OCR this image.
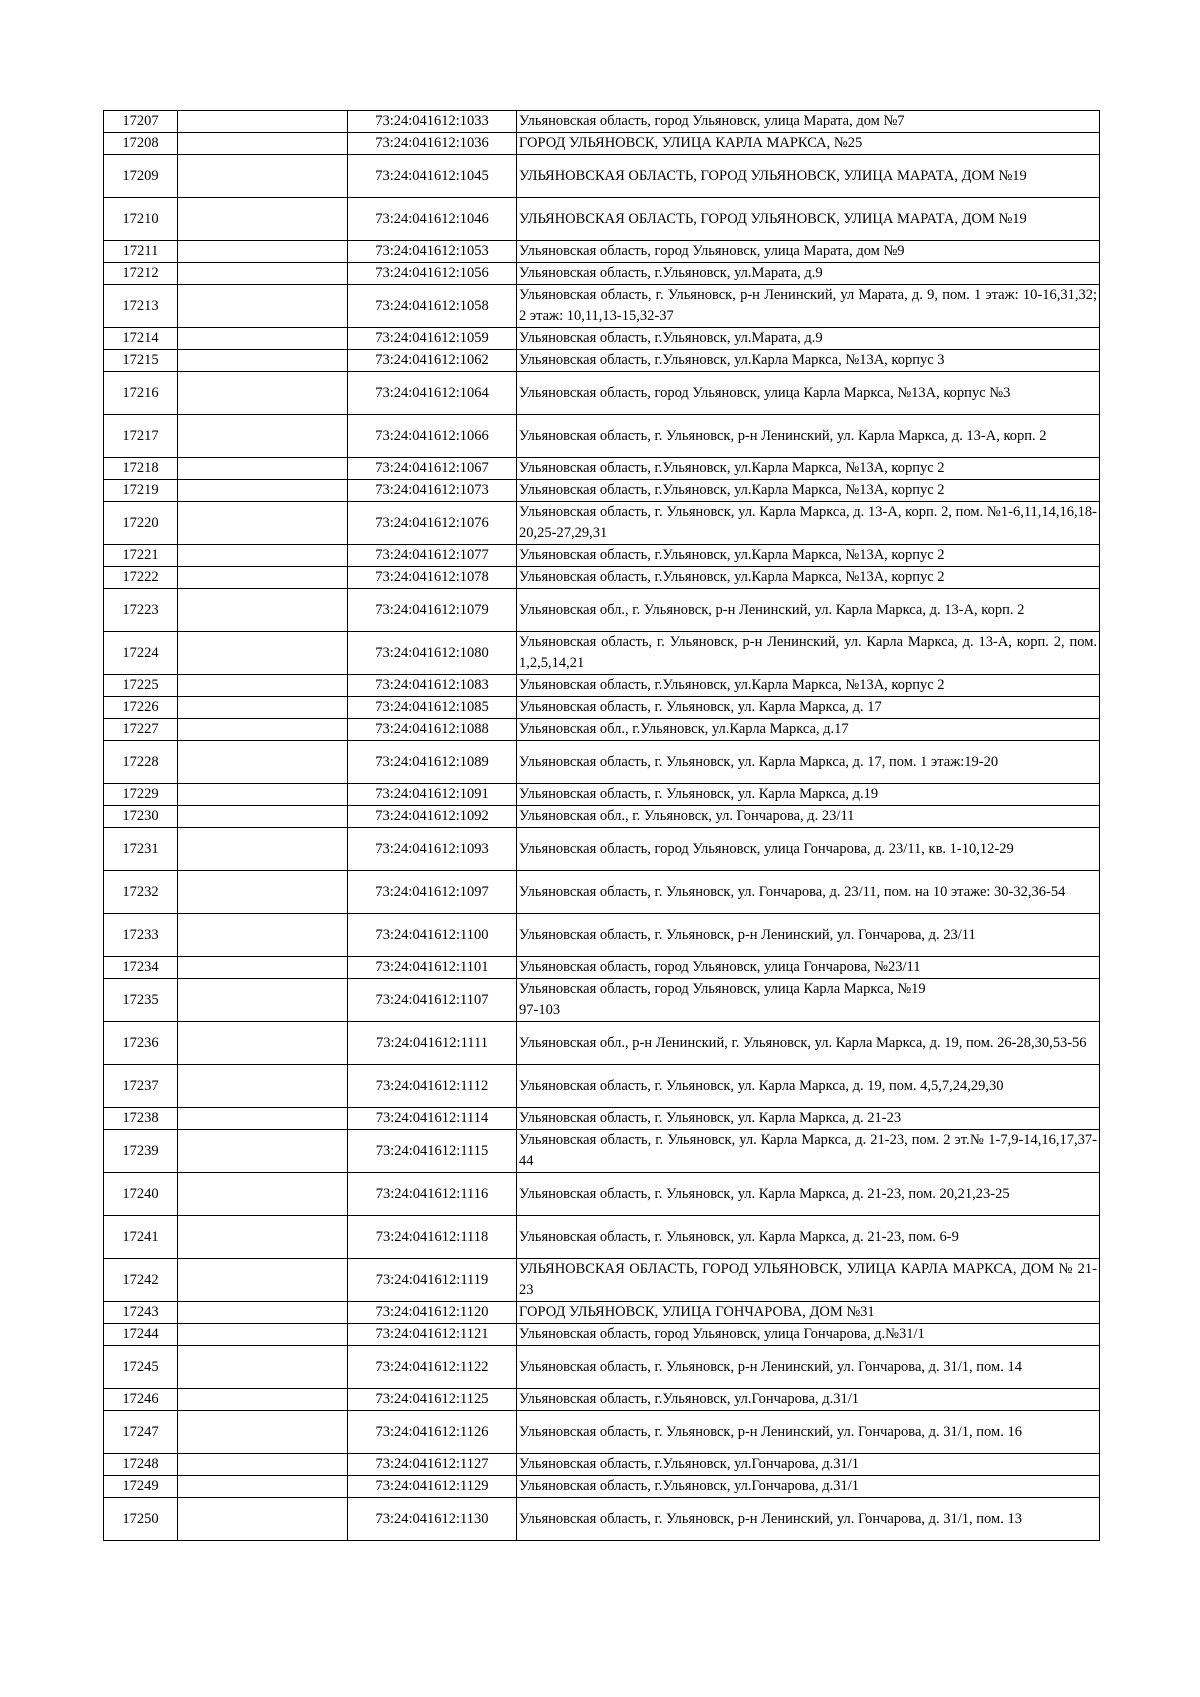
17207		73:24:041612:1033	Ульяновская область, город Ульяновск, улица Марата, дом №7
17208		73:24:041612:1036	ГОРОД УЛЬЯНОВСК, УЛИЦА КАРЛА МАРКСА, №25
17209		73:24:041612:1045	УЛЬЯНОВСКАЯ ОБЛАСТЬ, ГОРОД УЛЬЯНОВСК, УЛИЦА МАРАТА, ДОМ №19
17210		73:24:041612:1046	УЛЬЯНОВСКАЯ ОБЛАСТЬ, ГОРОД УЛЬЯНОВСК, УЛИЦА МАРАТА, ДОМ №19
17211		73:24:041612:1053	Ульяновская область, город Ульяновск, улица Марата, дом №9
17212		73:24:041612:1056	Ульяновская область, г.Ульяновск, ул.Марата, д.9
17213		73:24:041612:1058	Ульяновская область, г. Ульяновск, р-н Ленинский, ул Марата, д. 9, пом. 1 этаж: 10-16,31,32; 2 этаж: 10,11,13-15,32-37
17214		73:24:041612:1059	Ульяновская область, г.Ульяновск, ул.Марата, д.9
17215		73:24:041612:1062	Ульяновская область, г.Ульяновск, ул.Карла Маркса, №13А, корпус 3
17216		73:24:041612:1064	Ульяновская область, город Ульяновск, улица Карла Маркса, №13А, корпус №3
17217		73:24:041612:1066	Ульяновская область, г. Ульяновск, р-н Ленинский, ул. Карла Маркса, д. 13-А, корп. 2
17218		73:24:041612:1067	Ульяновская область, г.Ульяновск, ул.Карла Маркса, №13А, корпус 2
17219		73:24:041612:1073	Ульяновская область, г.Ульяновск, ул.Карла Маркса, №13А, корпус 2
17220		73:24:041612:1076	Ульяновская область, г. Ульяновск, ул. Карла Маркса, д. 13-А, корп. 2, пом. №1-6,11,14,16,18-20,25-27,29,31
17221		73:24:041612:1077	Ульяновская область, г.Ульяновск, ул.Карла Маркса, №13А, корпус 2
17222		73:24:041612:1078	Ульяновская область, г.Ульяновск, ул.Карла Маркса, №13А, корпус 2
17223		73:24:041612:1079	Ульяновская обл., г. Ульяновск, р-н Ленинский, ул. Карла Маркса, д. 13-А, корп. 2
17224		73:24:041612:1080	Ульяновская область, г. Ульяновск, р-н Ленинский, ул. Карла Маркса, д. 13-А, корп. 2, пом. 1,2,5,14,21
17225		73:24:041612:1083	Ульяновская область, г.Ульяновск, ул.Карла Маркса, №13А, корпус 2
17226		73:24:041612:1085	Ульяновская область, г. Ульяновск, ул. Карла Маркса, д. 17
17227		73:24:041612:1088	Ульяновская обл., г.Ульяновск, ул.Карла Маркса, д.17
17228		73:24:041612:1089	Ульяновская область, г. Ульяновск, ул. Карла Маркса, д. 17, пом. 1 этаж:19-20
17229		73:24:041612:1091	Ульяновская область, г. Ульяновск, ул. Карла Маркса, д.19
17230		73:24:041612:1092	Ульяновская обл., г. Ульяновск, ул. Гончарова, д. 23/11
17231		73:24:041612:1093	Ульяновская область, город Ульяновск, улица Гончарова, д. 23/11, кв. 1-10,12-29
17232		73:24:041612:1097	Ульяновская область, г. Ульяновск, ул. Гончарова, д. 23/11, пом. на 10 этаже: 30-32,36-54
17233		73:24:041612:1100	Ульяновская область, г. Ульяновск, р-н Ленинский, ул. Гончарова, д. 23/11
17234		73:24:041612:1101	Ульяновская область, город Ульяновск, улица Гончарова, №23/11
17235		73:24:041612:1107	Ульяновская область, город Ульяновск, улица Карла Маркса, №19
97-103
17236		73:24:041612:1111	Ульяновская обл., р-н Ленинский, г. Ульяновск, ул. Карла Маркса, д. 19, пом. 26-28,30,53-56
17237		73:24:041612:1112	Ульяновская область, г. Ульяновск, ул. Карла Маркса, д. 19, пом. 4,5,7,24,29,30
17238		73:24:041612:1114	Ульяновская область, г. Ульяновск, ул. Карла Маркса, д. 21-23
17239		73:24:041612:1115	Ульяновская область, г. Ульяновск, ул. Карла Маркса, д. 21-23, пом. 2 эт.№ 1-7,9-14,16,17,37-44
17240		73:24:041612:1116	Ульяновская область, г. Ульяновск, ул. Карла Маркса, д. 21-23, пом. 20,21,23-25
17241		73:24:041612:1118	Ульяновская область, г. Ульяновск, ул. Карла Маркса, д. 21-23, пом. 6-9
17242		73:24:041612:1119	УЛЬЯНОВСКАЯ ОБЛАСТЬ, ГОРОД УЛЬЯНОВСК, УЛИЦА КАРЛА МАРКСА, ДОМ № 21-23
17243		73:24:041612:1120	ГОРОД УЛЬЯНОВСК, УЛИЦА ГОНЧАРОВА, ДОМ №31
17244		73:24:041612:1121	Ульяновская область, город Ульяновск, улица Гончарова, д.№31/1
17245		73:24:041612:1122	Ульяновская область, г. Ульяновск, р-н Ленинский, ул. Гончарова, д. 31/1, пом. 14
17246		73:24:041612:1125	Ульяновская область, г.Ульяновск, ул.Гончарова, д.31/1
17247		73:24:041612:1126	Ульяновская область, г. Ульяновск, р-н Ленинский, ул. Гончарова, д. 31/1, пом. 16
17248		73:24:041612:1127	Ульяновская область, г.Ульяновск, ул.Гончарова, д.31/1
17249		73:24:041612:1129	Ульяновская область, г.Ульяновск, ул.Гончарова, д.31/1
17250		73:24:041612:1130	Ульяновская область, г. Ульяновск, р-н Ленинский, ул. Гончарова, д. 31/1, пом. 13
